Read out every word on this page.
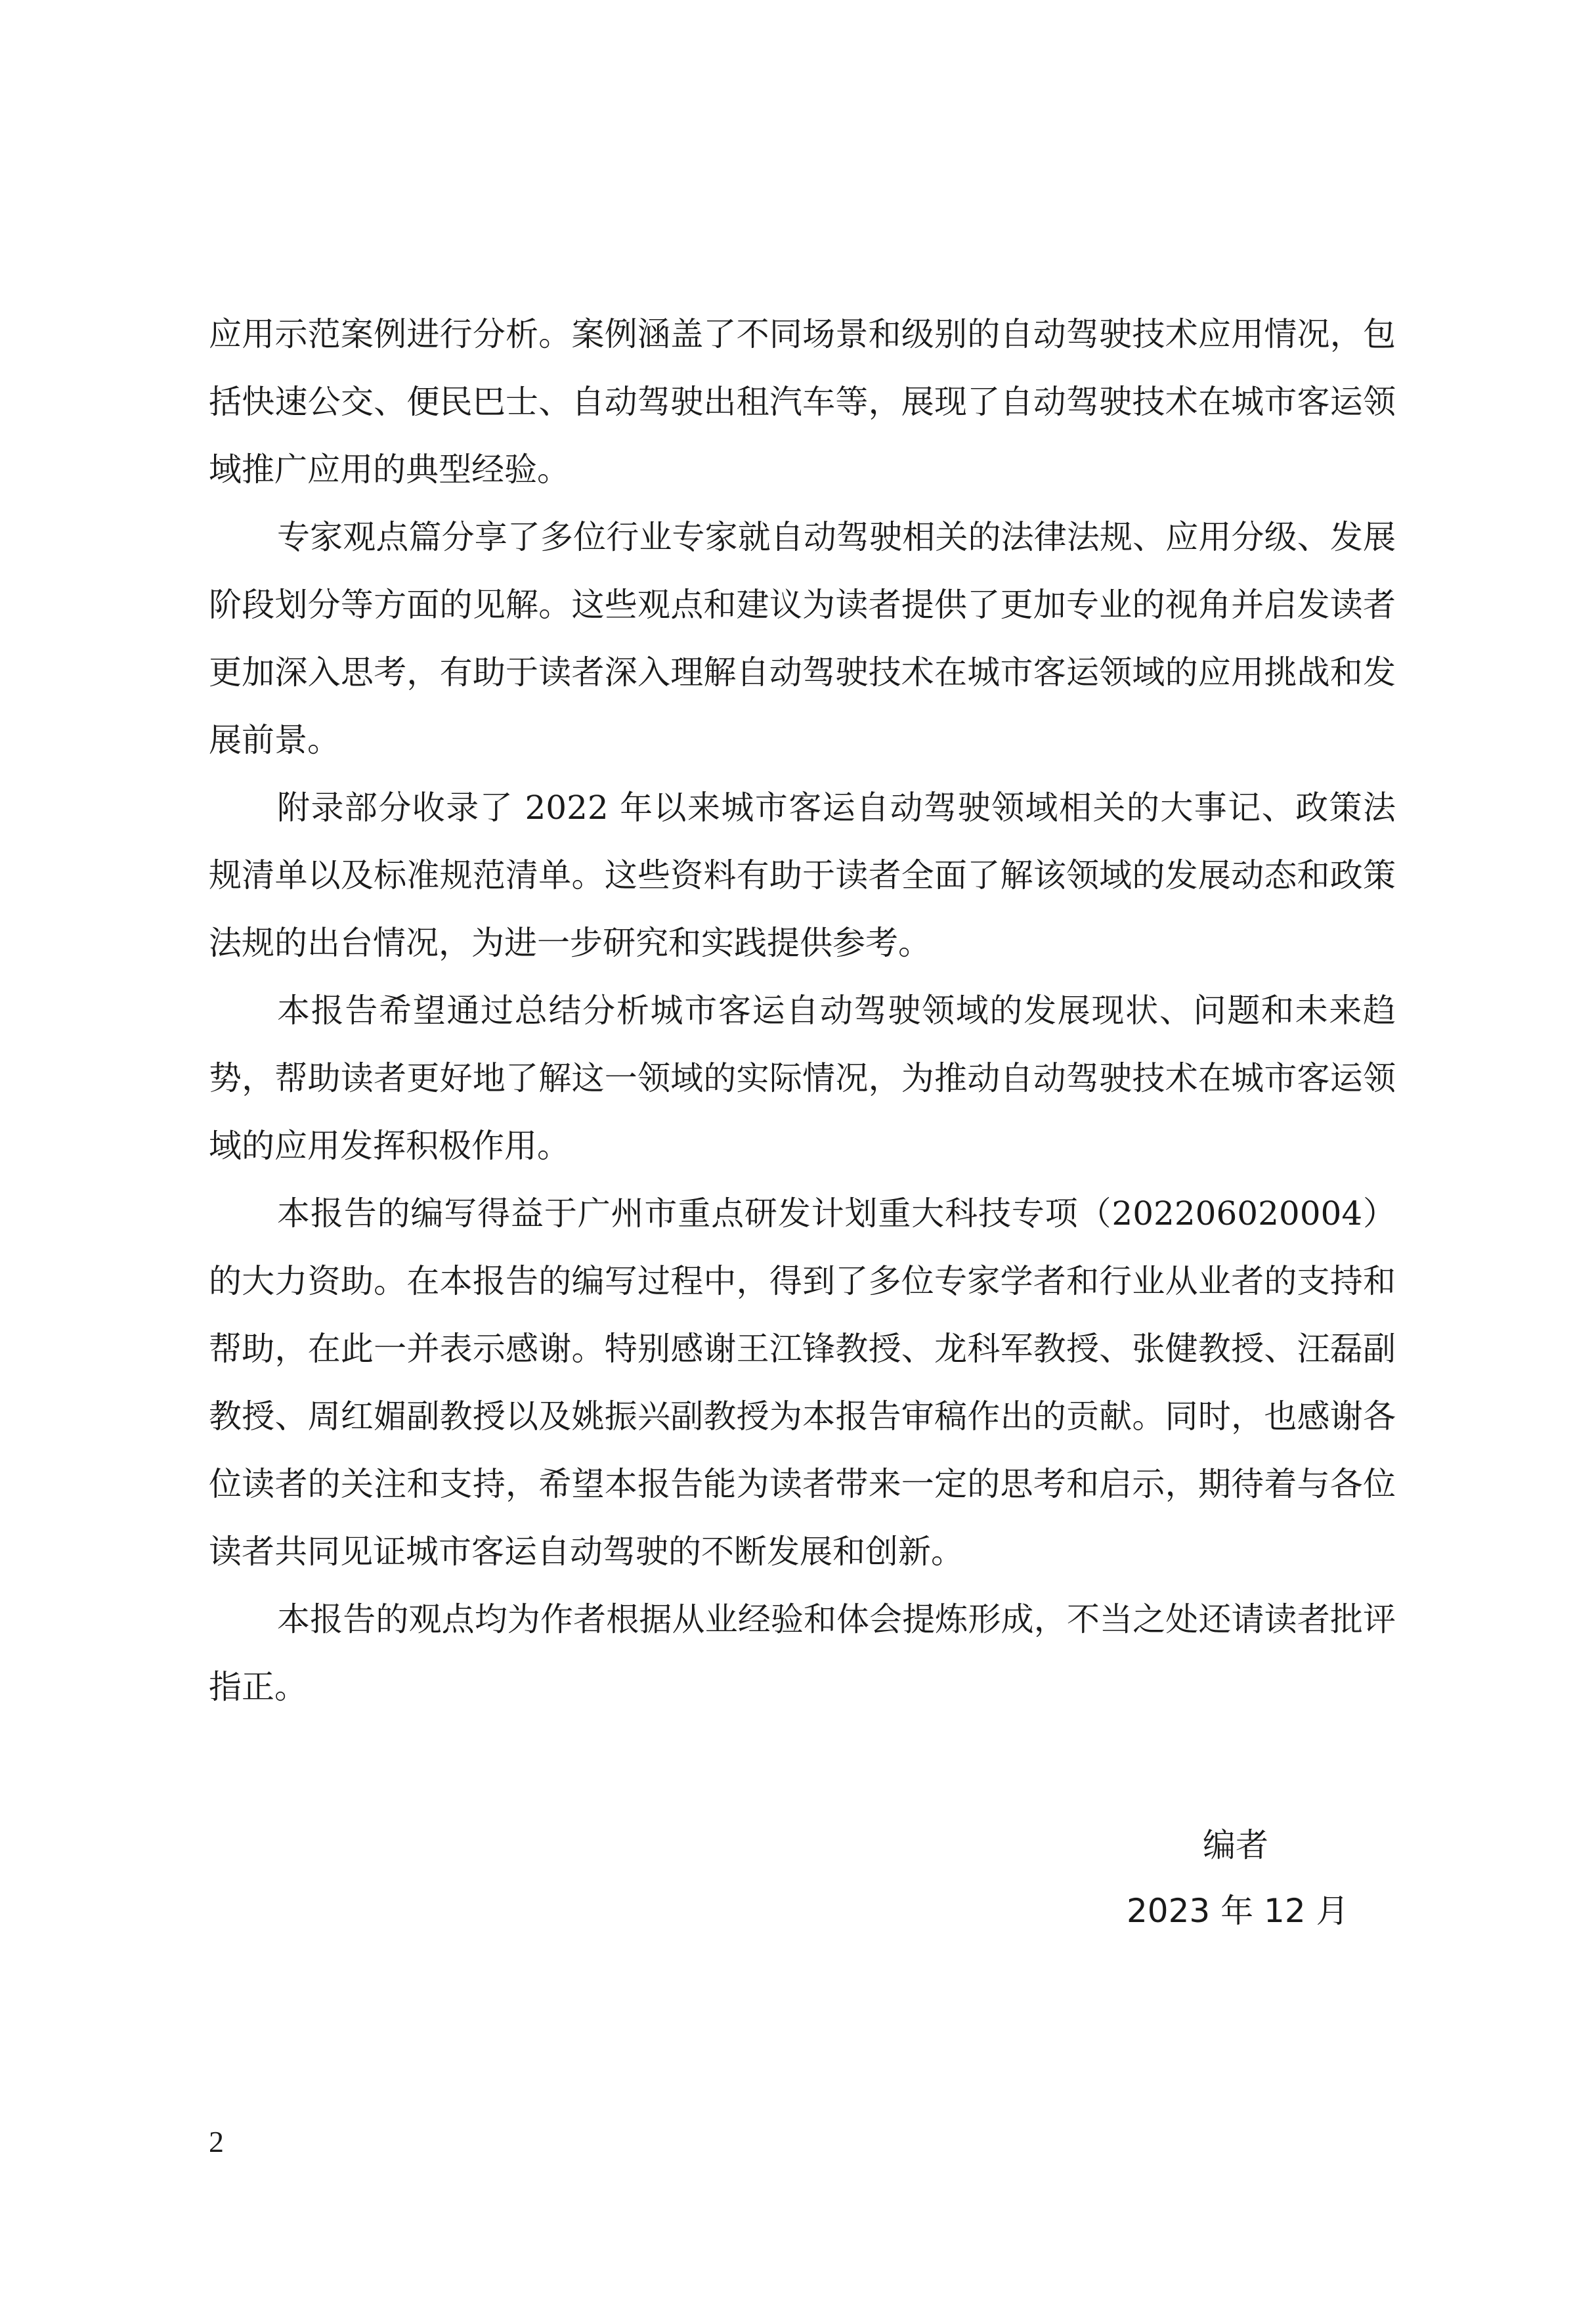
应用示范案例进行分析。案例涵盖了不同场景和级别的自动驾驶技术应用情况，包括快速公交、便民巴士、自动驾驶出租汽车等，展现了自动驾驶技术在城市客运领域推广应用的典型经验。

专家观点篇分享了多位行业专家就自动驾驶相关的法律法规、应用分级、发展阶段划分等方面的见解。这些观点和建议为读者提供了更加专业的视角并启发读者更加深入思考，有助于读者深入理解自动驾驶技术在城市客运领域的应用挑战和发展前景。

附录部分收录了 2022 年以来城市客运自动驾驶领域相关的大事记、政策法规清单以及标准规范清单。这些资料有助于读者全面了解该领域的发展动态和政策法规的出台情况，为进一步研究和实践提供参考。

本报告希望通过总结分析城市客运自动驾驶领域的发展现状、问题和未来趋势，帮助读者更好地了解这一领域的实际情况，为推动自动驾驶技术在城市客运领域的应用发挥积极作用。

本报告的编写得益于广州市重点研发计划重大科技专项（202206020004）的大力资助。在本报告的编写过程中，得到了多位专家学者和行业从业者的支持和帮助，在此一并表示感谢。特别感谢王江锋教授、龙科军教授、张健教授、汪磊副教授、周红媚副教授以及姚振兴副教授为本报告审稿作出的贡献。同时，也感谢各位读者的关注和支持，希望本报告能为读者带来一定的思考和启示，期待着与各位读者共同见证城市客运自动驾驶的不断发展和创新。

本报告的观点均为作者根据从业经验和体会提炼形成，不当之处还请读者批评指正。

编者
2023 年 12 月
2
